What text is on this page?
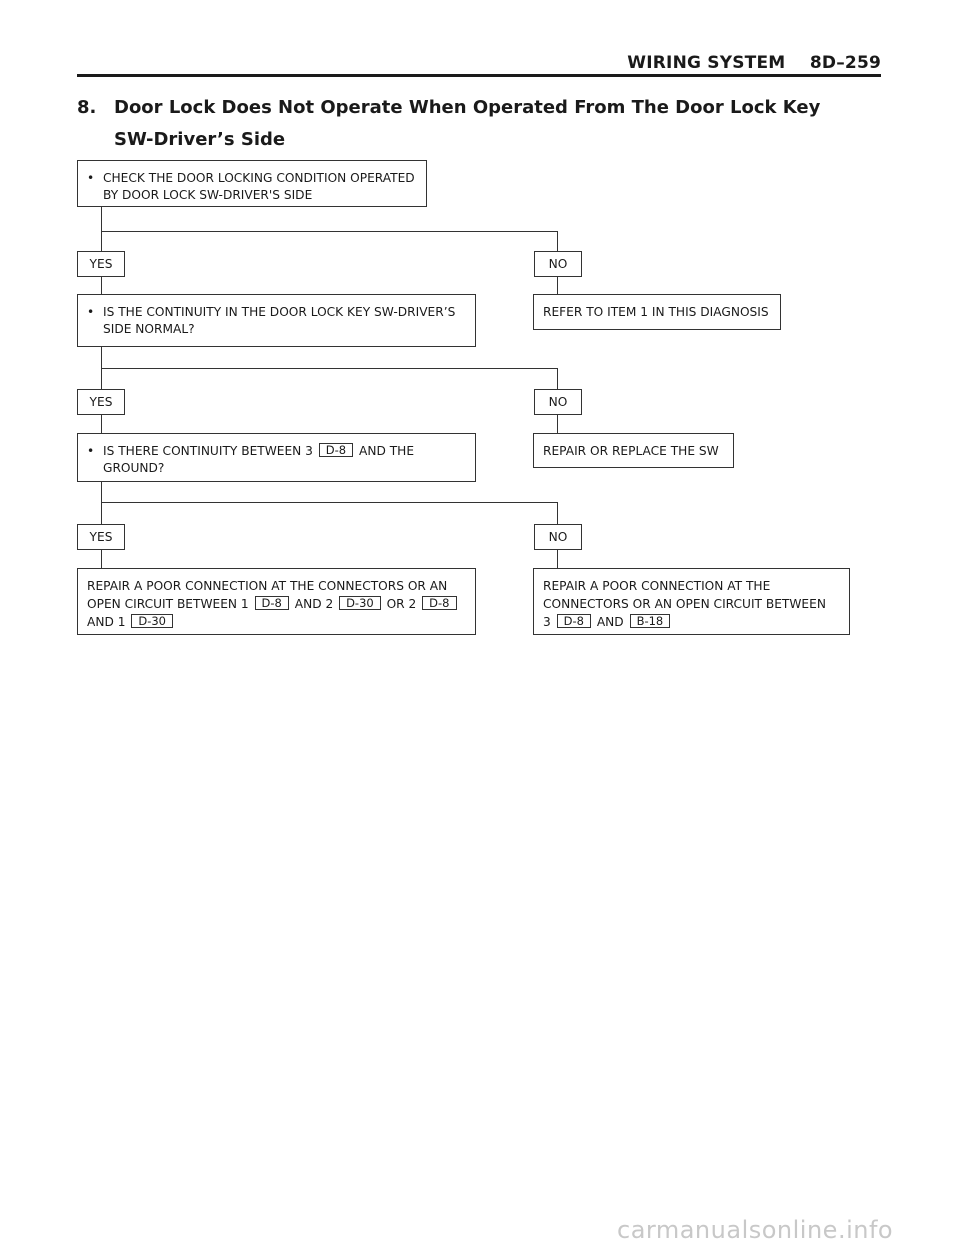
WIRING SYSTEM    8D–259
8. Door Lock Does Not Operate When Operated From The Door Lock Key SW-Driver’s Side
• CHECK THE DOOR LOCKING CONDITION OPERATED
BY DOOR LOCK SW-DRIVER'S SIDE
YES	NO
• IS THE CONTINUITY IN THE DOOR LOCK KEY SW-DRIVER’S
SIDE NORMAL?
REFER TO ITEM 1 IN THIS DIAGNOSIS
YES	NO
• IS THERE CONTINUITY BETWEEN 3 D-8 AND THE
GROUND?
REPAIR OR REPLACE THE SW
YES	NO
REPAIR A POOR CONNECTION AT THE CONNECTORS OR AN
OPEN CIRCUIT BETWEEN 1 D-8 AND 2 D-30 OR 2 D-8
AND 1 D-30
REPAIR A POOR CONNECTION AT THE
CONNECTORS OR AN OPEN CIRCUIT BETWEEN
3 D-8 AND B-18
carmanualsonline.info
